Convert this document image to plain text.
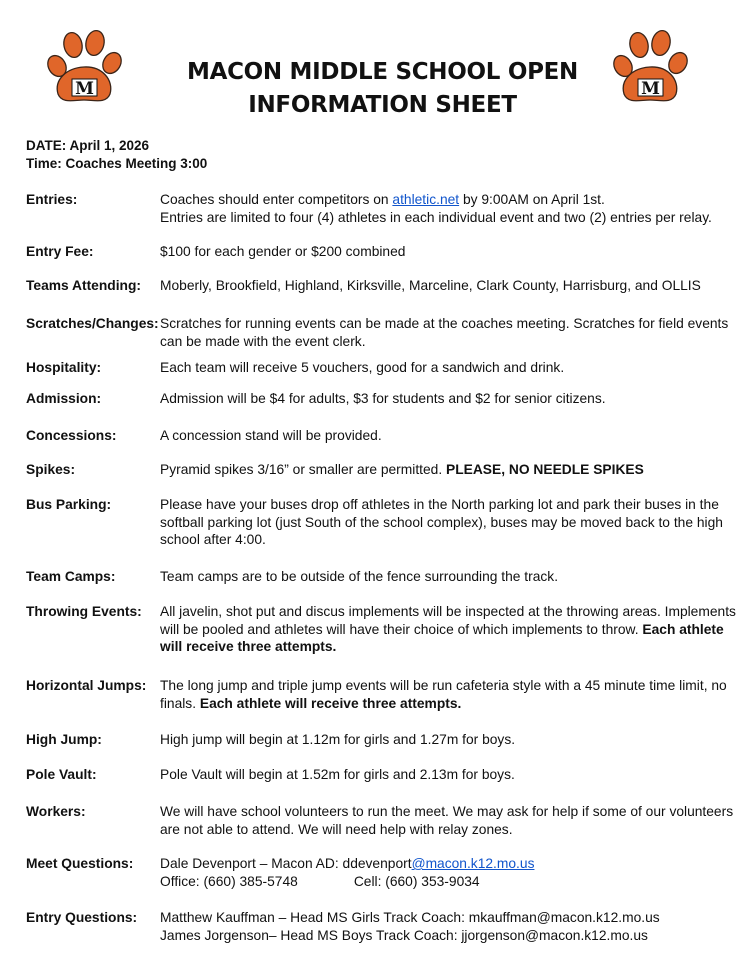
M	M
MACON MIDDLE SCHOOL OPEN
INFORMATION SHEET
DATE: April 1, 2026
Time: Coaches Meeting 3:00
Entries:	Coaches should enter competitors on athletic.net by 9:00AM on April 1st.
Entries are limited to four (4) athletes in each individual event and two (2) entries per relay.
Entry Fee:	$100 for each gender or $200 combined
Teams Attending: Moberly, Brookfield, Highland, Kirksville, Marceline, Clark County, Harrisburg, and OLLIS
Scratches/Changes: Scratches for running events can be made at the coaches meeting. Scratches for field events
can be made with the event clerk.
Hospitality:	Each team will receive 5 vouchers, good for a sandwich and drink.
Admission:	Admission will be $4 for adults, $3 for students and $2 for senior citizens.
Concessions:	A concession stand will be provided.
Spikes:	Pyramid spikes 3/16” or smaller are permitted. PLEASE, NO NEEDLE SPIKES
Bus Parking:	Please have your buses drop off athletes in the North parking lot and park their buses in the
softball parking lot (just South of the school complex), buses may be moved back to the high
school after 4:00.
Team Camps:	Team camps are to be outside of the fence surrounding the track.
Throwing Events: All javelin, shot put and discus implements will be inspected at the throwing areas. Implements
will be pooled and athletes will have their choice of which implements to throw. Each athlete
will receive three attempts.
Horizontal Jumps: The long jump and triple jump events will be run cafeteria style with a 45 minute time limit, no
finals. Each athlete will receive three attempts.
High Jump:	High jump will begin at 1.12m for girls and 1.27m for boys.
Pole Vault:	Pole Vault will begin at 1.52m for girls and 2.13m for boys.
Workers:	We will have school volunteers to run the meet. We may ask for help if some of our volunteers
are not able to attend. We will need help with relay zones.
Meet Questions: Dale Devenport – Macon AD: ddevenport@macon.k12.mo.us
Office: (660) 385-5748	Cell: (660) 353-9034
Entry Questions: Matthew Kauffman – Head MS Girls Track Coach: mkauffman@macon.k12.mo.us
James Jorgenson– Head MS Boys Track Coach: jjorgenson@macon.k12.mo.us
